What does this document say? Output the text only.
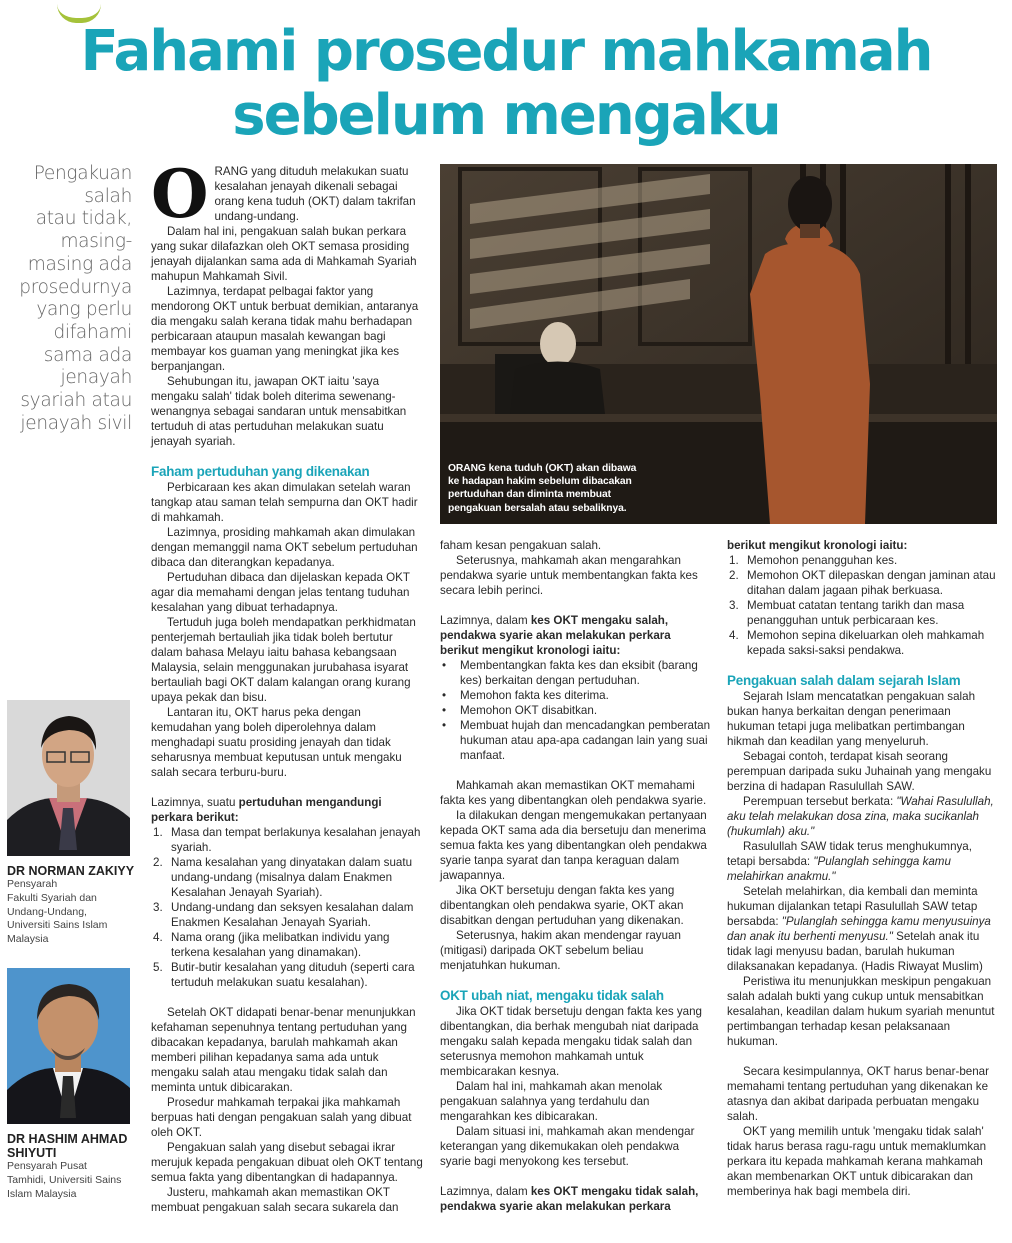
Fahami prosedur mahkamah
sebelum mengaku
Pengakuan
salah
atau tidak,
masing-
masing ada
prosedurnya
yang perlu
difahami
sama ada
jenayah
syariah atau
jenayah sivil
DR NORMAN ZAKIYY
Pensyarah
Fakulti Syariah dan
Undang-Undang,
Universiti Sains Islam
Malaysia
DR HASHIM AHMAD
SHIYUTI
Pensyarah Pusat
Tamhidi, Universiti Sains
Islam Malaysia
ORANG kena tuduh (OKT) akan dibawa ke hadapan hakim sebelum dibacakan pertuduhan dan diminta membuat pengakuan bersalah atau sebaliknya.
O RANG yang dituduh melakukan suatu kesalahan jenayah dikenali sebagai orang kena tuduh (OKT) dalam takrifan undang-undang.

Dalam hal ini, pengakuan salah bukan perkara yang sukar dilafazkan oleh OKT semasa prosiding jenayah dijalankan sama ada di Mahkamah Syariah mahupun Mahkamah Sivil.

Lazimnya, terdapat pelbagai faktor yang mendorong OKT untuk berbuat demikian, antaranya dia mengaku salah kerana tidak mahu berhadapan perbicaraan ataupun masalah kewangan bagi membayar kos guaman yang meningkat jika kes berpanjangan.

Sehubungan itu, jawapan OKT iaitu 'saya mengaku salah' tidak boleh diterima sewenang-wenangnya sebagai sandaran untuk mensabitkan tertuduh di atas pertuduhan melakukan suatu jenayah syariah.

Faham pertuduhan yang dikenakan

Perbicaraan kes akan dimulakan setelah waran tangkap atau saman telah sempurna dan OKT hadir di mahkamah.

Lazimnya, prosiding mahkamah akan dimulakan dengan memanggil nama OKT sebelum pertuduhan dibaca dan diterangkan kepadanya.

Pertuduhan dibaca dan dijelaskan kepada OKT agar dia memahami dengan jelas tentang tuduhan kesalahan yang dibuat terhadapnya.

Tertuduh juga boleh mendapatkan perkhidmatan penterjemah bertauliah jika tidak boleh bertutur dalam bahasa Melayu iaitu bahasa kebangsaan Malaysia, selain menggunakan jurubahasa isyarat bertauliah bagi OKT dalam kalangan orang kurang upaya pekak dan bisu.

Lantaran itu, OKT harus peka dengan kemudahan yang boleh diperolehnya dalam menghadapi suatu prosiding jenayah dan tidak seharusnya membuat keputusan untuk mengaku salah secara terburu-buru.

Lazimnya, suatu pertuduhan mengandungi perkara berikut:

1. Masa dan tempat berlakunya kesalahan jenayah syariah.
2. Nama kesalahan yang dinyatakan dalam suatu undang-undang (misalnya dalam Enakmen Kesalahan Jenayah Syariah).
3. Undang-undang dan seksyen kesalahan dalam Enakmen Kesalahan Jenayah Syariah.
4. Nama orang (jika melibatkan individu yang terkena kesalahan yang dinamakan).
5. Butir-butir kesalahan yang dituduh (seperti cara tertuduh melakukan suatu kesalahan).

Setelah OKT didapati benar-benar menunjukkan kefahaman sepenuhnya tentang pertuduhan yang dibacakan kepadanya, barulah mahkamah akan memberi pilihan kepadanya sama ada untuk mengaku salah atau mengaku tidak salah dan meminta untuk dibicarakan.

Prosedur mahkamah terpakai jika mahkamah berpuas hati dengan pengakuan salah yang dibuat oleh OKT.

Pengakuan salah yang disebut sebagai ikrar merujuk kepada pengakuan dibuat oleh OKT tentang semua fakta yang dibentangkan di hadapannya.

Justeru, mahkamah akan memastikan OKT membuat pengakuan salah secara sukarela dan

faham kesan pengakuan salah.

Seterusnya, mahkamah akan mengarahkan pendakwa syarie untuk membentangkan fakta kes secara lebih perinci.

Lazimnya, dalam kes OKT mengaku salah, pendakwa syarie akan melakukan perkara berikut mengikut kronologi iaitu:

• Membentangkan fakta kes dan eksibit (barang kes) berkaitan dengan pertuduhan.
• Memohon fakta kes diterima.
• Memohon OKT disabitkan.
• Membuat hujah dan mencadangkan pemberatan hukuman atau apa-apa cadangan lain yang suai manfaat.

Mahkamah akan memastikan OKT memahami fakta kes yang dibentangkan oleh pendakwa syarie.

Ia dilakukan dengan mengemukakan pertanyaan kepada OKT sama ada dia bersetuju dan menerima semua fakta kes yang dibentangkan oleh pendakwa syarie tanpa syarat dan tanpa keraguan dalam jawapannya.

Jika OKT bersetuju dengan fakta kes yang dibentangkan oleh pendakwa syarie, OKT akan disabitkan dengan pertuduhan yang dikenakan.

Seterusnya, hakim akan mendengar rayuan (mitigasi) daripada OKT sebelum beliau menjatuhkan hukuman.

OKT ubah niat, mengaku tidak salah

Jika OKT tidak bersetuju dengan fakta kes yang dibentangkan, dia berhak mengubah niat daripada mengaku salah kepada mengaku tidak salah dan seterusnya memohon mahkamah untuk membicarakan kesnya.

Dalam hal ini, mahkamah akan menolak pengakuan salahnya yang terdahulu dan mengarahkan kes dibicarakan.

Dalam situasi ini, mahkamah akan mendengar keterangan yang dikemukakan oleh pendakwa syarie bagi menyokong kes tersebut.

Lazimnya, dalam kes OKT mengaku tidak salah, pendakwa syarie akan melakukan perkara

berikut mengikut kronologi iaitu:

1. Memohon penangguhan kes.
2. Memohon OKT dilepaskan dengan jaminan atau ditahan dalam jagaan pihak berkuasa.
3. Membuat catatan tentang tarikh dan masa penangguhan untuk perbicaraan kes.
4. Memohon sepina dikeluarkan oleh mahkamah kepada saksi-saksi pendakwa.
Pengakuan salah dalam sejarah Islam

Sejarah Islam mencatatkan pengakuan salah bukan hanya berkaitan dengan penerimaan hukuman tetapi juga melibatkan pertimbangan hikmah dan keadilan yang menyeluruh.

Sebagai contoh, terdapat kisah seorang perempuan daripada suku Juhainah yang mengaku berzina di hadapan Rasulullah SAW.

Perempuan tersebut berkata: "Wahai Rasulullah, aku telah melakukan dosa zina, maka sucikanlah (hukumlah) aku."

Rasulullah SAW tidak terus menghukumnya, tetapi bersabda: "Pulanglah sehingga kamu melahirkan anakmu."

Setelah melahirkan, dia kembali dan meminta hukuman dijalankan tetapi Rasulullah SAW tetap bersabda: "Pulanglah sehingga kamu menyusuinya dan anak itu berhenti menyusu." Setelah anak itu tidak lagi menyusu badan, barulah hukuman dilaksanakan kepadanya. (Hadis Riwayat Muslim)

Peristiwa itu menunjukkan meskipun pengakuan salah adalah bukti yang cukup untuk mensabitkan kesalahan, keadilan dalam hukum syariah menuntut pertimbangan terhadap kesan pelaksanaan hukuman.

Secara kesimpulannya, OKT harus benar-benar memahami tentang pertuduhan yang dikenakan ke atasnya dan akibat daripada perbuatan mengaku salah.

OKT yang memilih untuk 'mengaku tidak salah' tidak harus berasa ragu-ragu untuk memaklumkan perkara itu kepada mahkamah kerana mahkamah akan membenarkan OKT untuk dibicarakan dan memberinya hak bagi membela diri.
